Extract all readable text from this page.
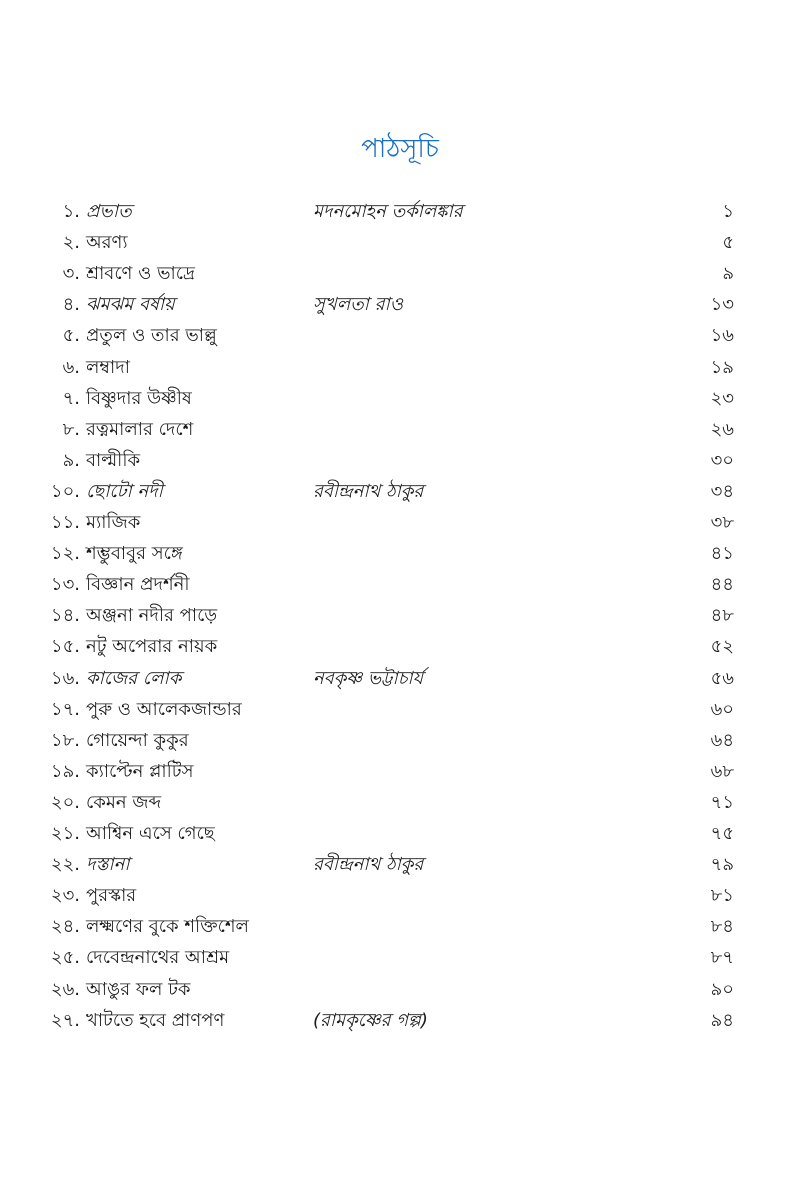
পাঠসূচি
১. প্রভাত	মদনমোহন তর্কালঙ্কার	১
২. অরণ্য	৫
৩. শ্রাবণে ও ভাদ্রে	৯
৪. ঝমঝম বর্ষায়	সুখলতা রাও	১৩
৫. প্রতুল ও তার ভাল্লু	১৬
৬. লম্বাদা	১৯
৭. বিষ্ণুদার উষ্ণীষ	২৩
৮. রত্নমালার দেশে	২৬
৯. বাল্মীকি	৩০
১০. ছোটো নদী	রবীন্দ্রনাথ ঠাকুর	৩৪
১১. ম্যাজিক	৩৮
১২. শম্ভুবাবুর সঙ্গে	৪১
১৩. বিজ্ঞান প্রদর্শনী	৪৪
১৪. অঞ্জনা নদীর পাড়ে	৪৮
১৫. নটু অপেরার নায়ক	৫২
১৬. কাজের লোক	নবকৃষ্ণ ভট্টাচার্য	৫৬
১৭. পুরু ও আলেকজান্ডার	৬০
১৮. গোয়েন্দা কুকুর	৬৪
১৯. ক্যাপ্টেন প্লাটিস	৬৮
২০. কেমন জব্দ	৭১
২১. আশ্বিন এসে গেছে	৭৫
২২. দস্তানা	রবীন্দ্রনাথ ঠাকুর	৭৯
২৩. পুরস্কার	৮১
২৪. লক্ষ্মণের বুকে শক্তিশেল	৮৪
২৫. দেবেন্দ্রনাথের আশ্রম	৮৭
২৬. আঙুর ফল টক	৯০
২৭. খাটতে হবে প্রাণপণ	(রামকৃষ্ণের গল্প)	৯৪
